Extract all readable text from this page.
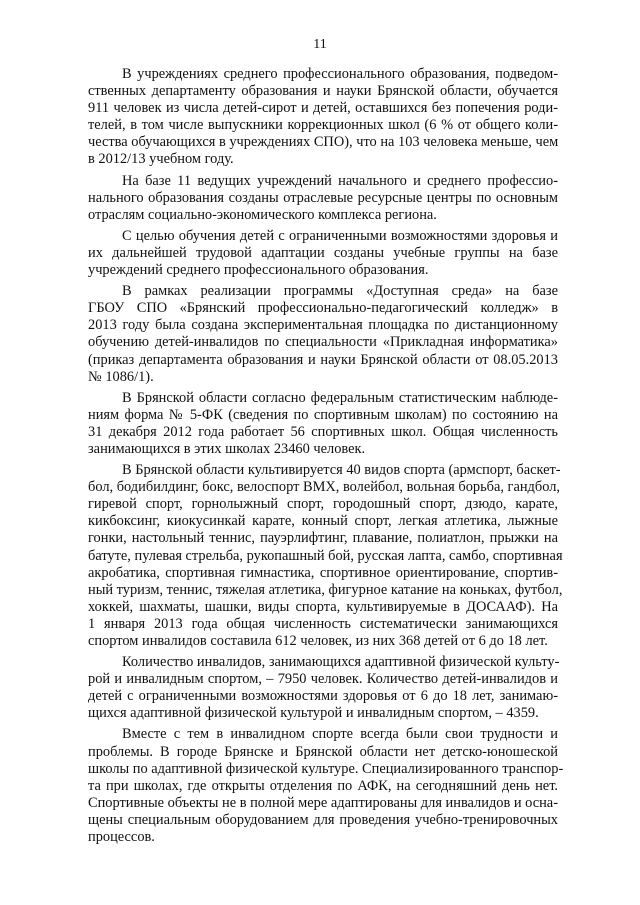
11

В учреждениях среднего профессионального образования, подведом-
ственных департаменту образования и науки Брянской области, обучается
911 человек из числа детей-сирот и детей, оставшихся без попечения роди-
телей, в том числе выпускники коррекционных школ (6 % от общего коли-
чества обучающихся в учреждениях СПО), что на 103 человека меньше, чем
в 2012/13 учебном году.

На базе 11 ведущих учреждений начального и среднего профессио-
нального образования созданы отраслевые ресурсные центры по основным
отраслям социально-экономического комплекса региона.

С целью обучения детей с ограниченными возможностями здоровья и
их дальнейшей трудовой адаптации созданы учебные группы на базе
учреждений среднего профессионального образования.

В рамках реализации программы «Доступная среда» на базе
ГБОУ СПО «Брянский профессионально-педагогический колледж» в
2013 году была создана экспериментальная площадка по дистанционному
обучению детей-инвалидов по специальности «Прикладная информатика»
(приказ департамента образования и науки Брянской области от 08.05.2013
№ 1086/1).

В Брянской области согласно федеральным статистическим наблюде-
ниям форма № 5-ФК (сведения по спортивным школам) по состоянию на
31 декабря 2012 года работает 56 спортивных школ. Общая численность
занимающихся в этих школах 23460 человек.

В Брянской области культивируется 40 видов спорта (армспорт, баскет-
бол, бодибилдинг, бокс, велоспорт BMX, волейбол, вольная борьба, гандбол,
гиревой спорт, горнолыжный спорт, городошный спорт, дзюдо, карате,
кикбоксинг, киокусинкай карате, конный спорт, легкая атлетика, лыжные
гонки, настольный теннис, пауэрлифтинг, плавание, полиатлон, прыжки на
батуте, пулевая стрельба, рукопашный бой, русская лапта, самбо, спортивная
акробатика, спортивная гимнастика, спортивное ориентирование, спортив-
ный туризм, теннис, тяжелая атлетика, фигурное катание на коньках, футбол,
хоккей, шахматы, шашки, виды спорта, культивируемые в ДОСААФ). На
1 января 2013 года общая численность систематически занимающихся
спортом инвалидов составила 612 человек, из них 368 детей от 6 до 18 лет.

Количество инвалидов, занимающихся адаптивной физической культу-
рой и инвалидным спортом, – 7950 человек. Количество детей-инвалидов и
детей с ограниченными возможностями здоровья от 6 до 18 лет, занимаю-
щихся адаптивной физической культурой и инвалидным спортом, – 4359.

Вместе с тем в инвалидном спорте всегда были свои трудности и
проблемы. В городе Брянске и Брянской области нет детско-юношеской
школы по адаптивной физической культуре. Специализированного транспор-
та при школах, где открыты отделения по АФК, на сегодняшний день нет.
Спортивные объекты не в полной мере адаптированы для инвалидов и осна-
щены специальным оборудованием для проведения учебно-тренировочных
процессов.
